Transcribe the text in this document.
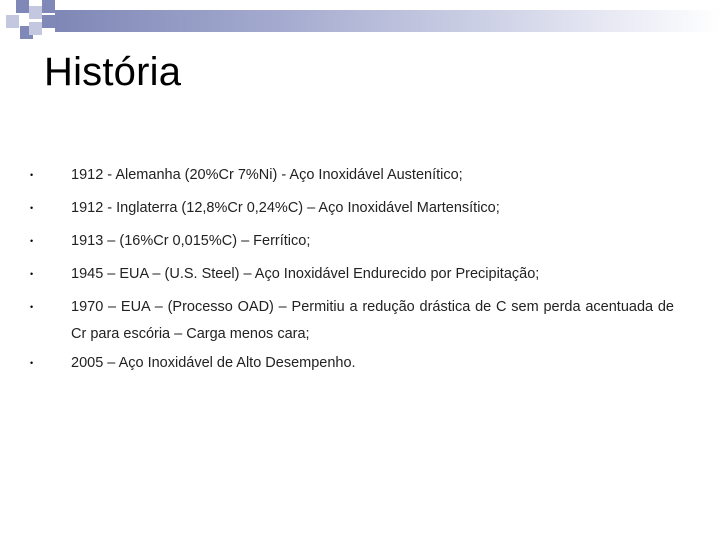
História
•	1912 - Alemanha (20%Cr 7%Ni) - Aço Inoxidável Austenítico;
•	1912 - Inglaterra (12,8%Cr 0,24%C) – Aço Inoxidável Martensítico;
•	1913 – (16%Cr 0,015%C) – Ferrítico;
•	1945 – EUA – (U.S. Steel) – Aço Inoxidável Endurecido por Precipitação;
•	1970 – EUA – (Processo OAD) – Permitiu a redução drástica de C sem perda acentuada de Cr para escória – Carga menos cara;
•	2005 – Aço Inoxidável de Alto Desempenho.
